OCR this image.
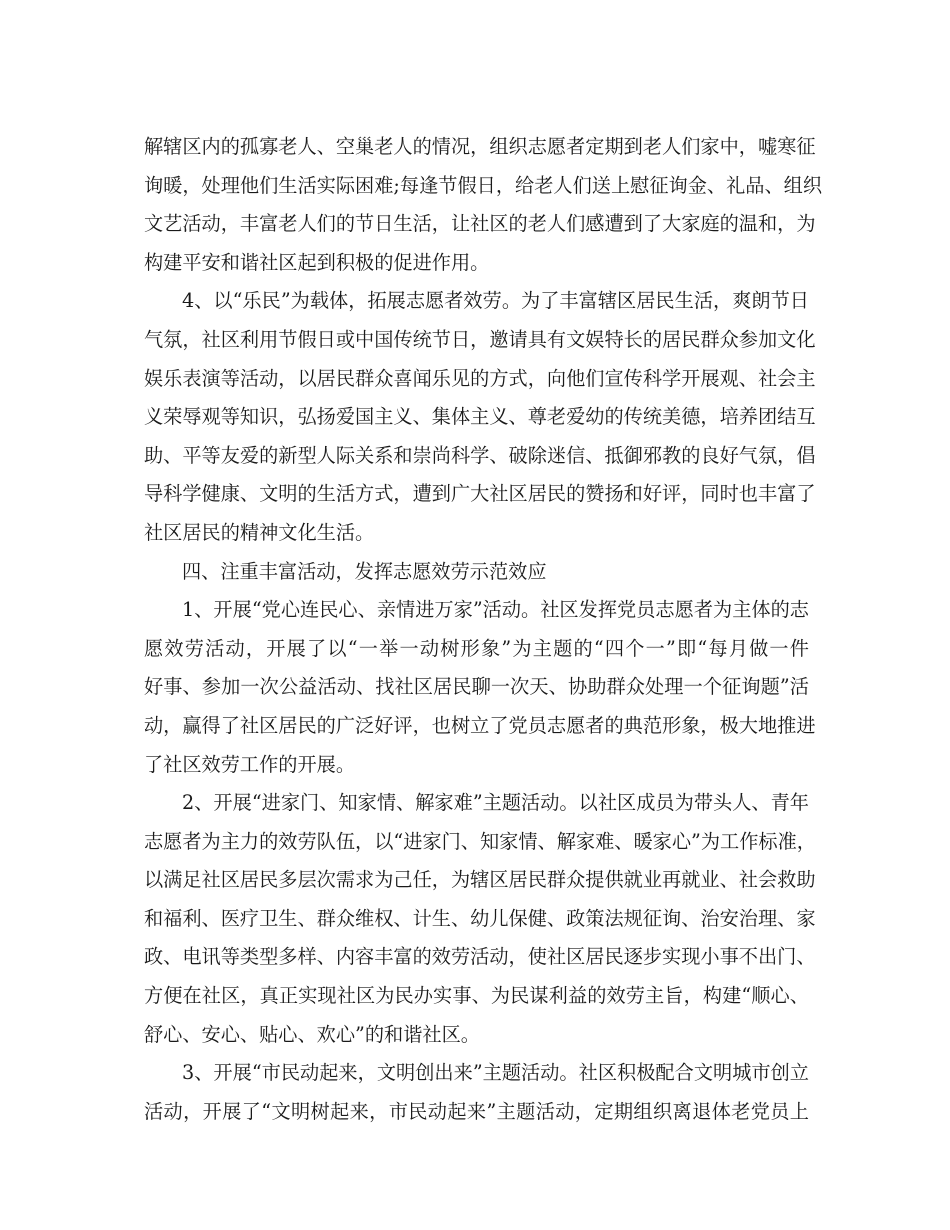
解辖区内的孤寡老人、空巢老人的情况，组织志愿者定期到老人们家中，嘘寒征
询暖，处理他们生活实际困难;每逢节假日，给老人们送上慰征询金、礼品、组织
文艺活动，丰富老人们的节日生活，让社区的老人们感遭到了大家庭的温和，为
构建平安和谐社区起到积极的促进作用。
4、以“乐民”为载体，拓展志愿者效劳。为了丰富辖区居民生活，爽朗节日
气氛，社区利用节假日或中国传统节日，邀请具有文娱特长的居民群众参加文化
娱乐表演等活动，以居民群众喜闻乐见的方式，向他们宣传科学开展观、社会主
义荣辱观等知识，弘扬爱国主义、集体主义、尊老爱幼的传统美德，培养团结互
助、平等友爱的新型人际关系和崇尚科学、破除迷信、抵御邪教的良好气氛，倡
导科学健康、文明的生活方式，遭到广大社区居民的赞扬和好评，同时也丰富了
社区居民的精神文化生活。
四、注重丰富活动，发挥志愿效劳示范效应
1、开展“党心连民心、亲情进万家”活动。社区发挥党员志愿者为主体的志
愿效劳活动，开展了以“一举一动树形象”为主题的“四个一”即“每月做一件
好事、参加一次公益活动、找社区居民聊一次天、协助群众处理一个征询题”活
动，赢得了社区居民的广泛好评，也树立了党员志愿者的典范形象，极大地推进
了社区效劳工作的开展。
2、开展“进家门、知家情、解家难”主题活动。以社区成员为带头人、青年
志愿者为主力的效劳队伍，以“进家门、知家情、解家难、暖家心”为工作标准，
以满足社区居民多层次需求为己任，为辖区居民群众提供就业再就业、社会救助
和福利、医疗卫生、群众维权、计生、幼儿保健、政策法规征询、治安治理、家
政、电讯等类型多样、内容丰富的效劳活动，使社区居民逐步实现小事不出门、
方便在社区，真正实现社区为民办实事、为民谋利益的效劳主旨，构建“顺心、
舒心、安心、贴心、欢心”的和谐社区。
3、开展“市民动起来，文明创出来”主题活动。社区积极配合文明城市创立
活动，开展了“文明树起来，市民动起来”主题活动，定期组织离退体老党员上
